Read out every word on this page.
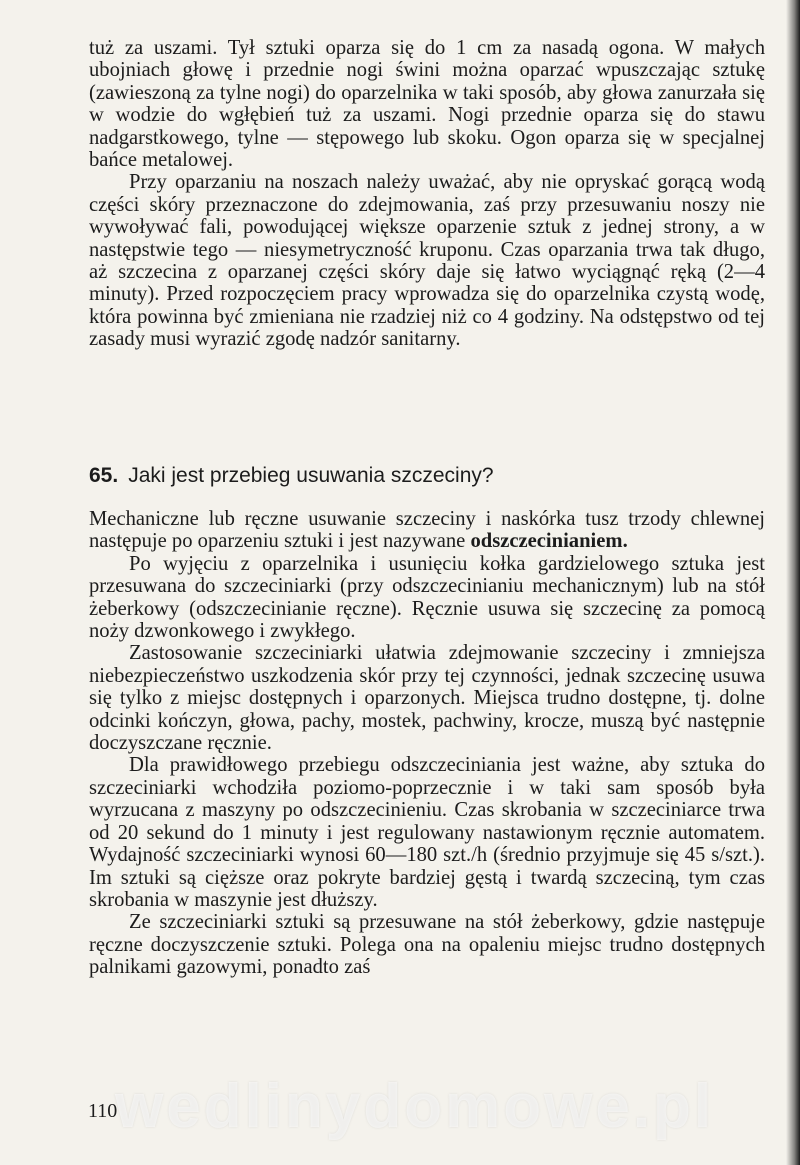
tuż za uszami. Tył sztuki oparza się do 1 cm za nasadą ogona. W małych ubojniach głowę i przednie nogi świni można oparzać wpuszczając sztukę (zawieszoną za tylne nogi) do oparzelnika w taki sposób, aby głowa zanurzała się w wodzie do wgłębień tuż za uszami. Nogi przednie oparza się do stawu nadgarstkowego, tylne — stępowego lub skoku. Ogon oparza się w specjalnej bańce metalowej.

Przy oparzaniu na noszach należy uważać, aby nie opryskać gorącą wodą części skóry przeznaczone do zdejmowania, zaś przy przesuwaniu noszy nie wywoływać fali, powodującej większe oparzenie sztuk z jednej strony, a w następstwie tego — niesymetryczność kruponu. Czas oparzania trwa tak długo, aż szczecina z oparzanej części skóry daje się łatwo wyciągnąć ręką (2—4 minuty). Przed rozpoczęciem pracy wprowadza się do oparzelnika czystą wodę, która powinna być zmieniana nie rzadziej niż co 4 godziny. Na odstępstwo od tej zasady musi wyrazić zgodę nadzór sanitarny.

65. Jaki jest przebieg usuwania szczeciny?

Mechaniczne lub ręczne usuwanie szczeciny i naskórka tusz trzody chlewnej następuje po oparzeniu sztuki i jest nazywane odszczecinianiem.

Po wyjęciu z oparzelnika i usunięciu kołka gardzielowego sztuka jest przesuwana do szczeciniarki (przy odszczecinianiu mechanicznym) lub na stół żeberkowy (odszczecinianie ręczne). Ręcznie usuwa się szczecinę za pomocą noży dzwonkowego i zwykłego.

Zastosowanie szczeciniarki ułatwia zdejmowanie szczeciny i zmniejsza niebezpieczeństwo uszkodzenia skór przy tej czynności, jednak szczecinę usuwa się tylko z miejsc dostępnych i oparzonych. Miejsca trudno dostępne, tj. dolne odcinki kończyn, głowa, pachy, mostek, pachwiny, krocze, muszą być następnie doczyszczane ręcznie.

Dla prawidłowego przebiegu odszczeciniania jest ważne, aby sztuka do szczeciniarki wchodziła poziomo-poprzecznie i w taki sam sposób była wyrzucana z maszyny po odszczecinieniu. Czas skrobania w szczeciniarce trwa od 20 sekund do 1 minuty i jest regulowany nastawionym ręcznie automatem. Wydajność szczeciniarki wynosi 60—180 szt./h (średnio przyjmuje się 45 s/szt.). Im sztuki są cięższe oraz pokryte bardziej gęstą i twardą szczeciną, tym czas skrobania w maszynie jest dłuższy.

Ze szczeciniarki sztuki są przesuwane na stół żeberkowy, gdzie następuje ręczne doczyszczenie sztuki. Polega ona na opaleniu miejsc trudno dostępnych palnikami gazowymi, ponadto zaś

wedlinydomowe.pl
110
